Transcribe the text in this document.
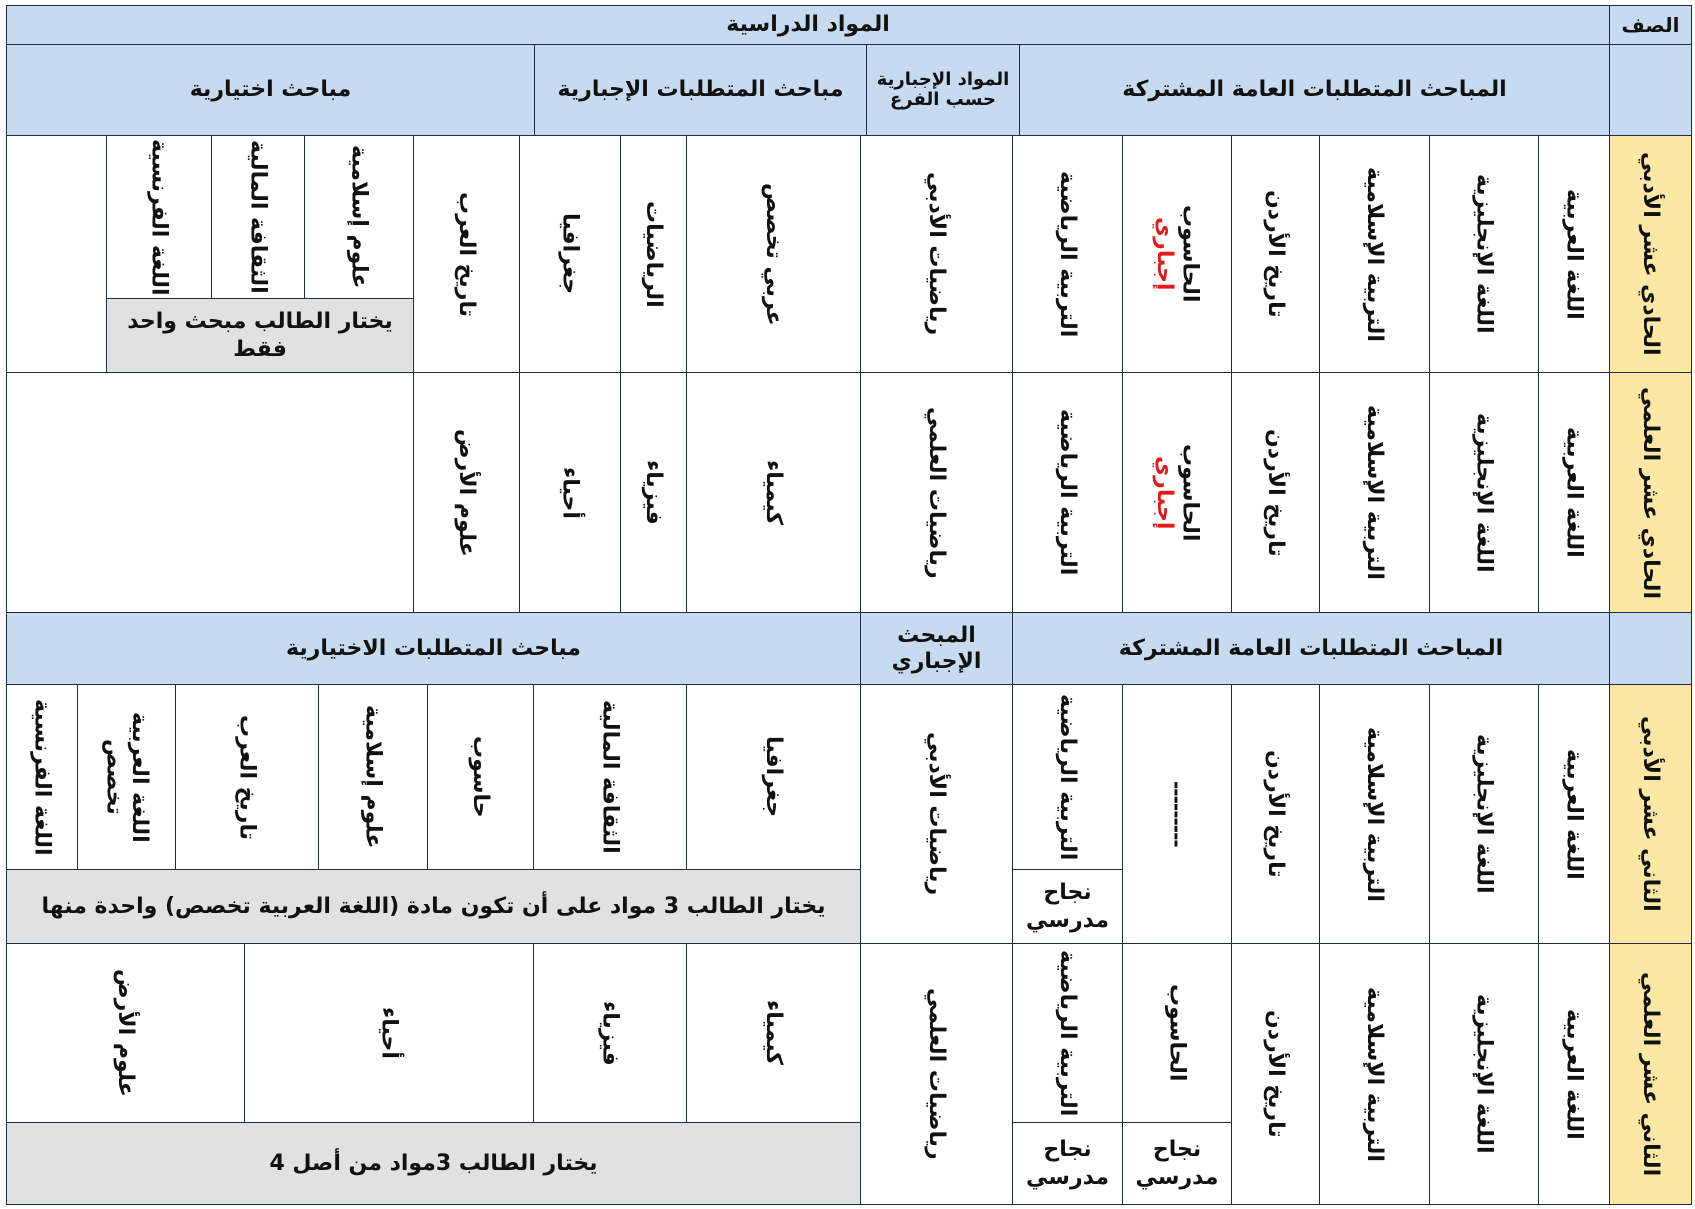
المواد الدراسية	الصف
المباحث المتطلبات العامة المشتركة
المواد الإجبارية حسب الفرع
مباحث المتطلبات الإجبارية
مباحث اختيارية
الحادي عشر الأدبي
اللغة العربية
اللغة الإنجليزية
التربية الإسلامية
تاريخ الأردن
الحاسوب
إجباري
التربية الرياضية
رياضيات الأدبي
عربي تخصص
الرياضيات
جغرافيا
تاريخ العرب
علوم إسلامية
الثقافة المالية
اللغة الفرنسية
يختار الطالب مبحث واحد فقط
الحادي عشر العلمي
اللغة العربية
اللغة الإنجليزية
التربية الإسلامية
تاريخ الأردن
الحاسوب
إجباري
التربية الرياضية
رياضيات العلمي
كيمياء
فيزياء
أحياء
علوم الأرض
المباحث المتطلبات العامة المشتركة
المبحث الإجباري
مباحث المتطلبات الاختيارية
الثاني عشر الأدبي
اللغة العربية
اللغة الإنجليزية
التربية الإسلامية
تاريخ الأردن
---------
التربية الرياضية
نجاح مدرسي
رياضيات الأدبي
جغرافيا
الثقافة المالية
حاسوب
علوم إسلامية
تاريخ العرب
اللغة العربية تخصص
اللغة الفرنسية
يختار الطالب 3 مواد على أن تكون مادة (اللغة العربية تخصص) واحدة منها
الثاني عشر العلمي
اللغة العربية
اللغة الإنجليزية
التربية الإسلامية
تاريخ الأردن
الحاسوب
نجاح مدرسي
التربية الرياضية
نجاح مدرسي
رياضيات العلمي
كيمياء
فيزياء
أحياء
علوم الأرض
يختار الطالب 3مواد من أصل 4
